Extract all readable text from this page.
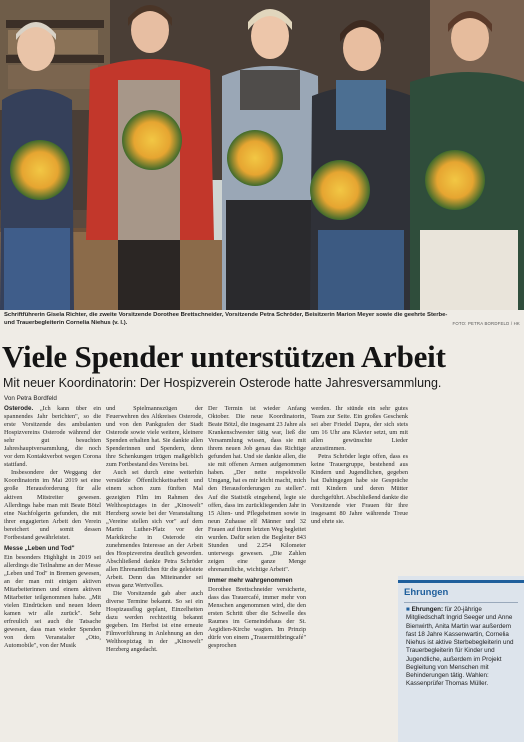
Schriftführerin Gisela Richter, die zweite Vorsitzende Dorothee Brettschneider, Vorsitzende Petra Schröder, Beisitzerin Marion Meyer sowie die geehrte Sterbe- und Trauerbegleiterin Cornelia Niehus (v. l.).	FOTO: PETRA BORDFELD / HK
Viele Spender unterstützen Arbeit
Mit neuer Koordinatorin: Der Hospizverein Osterode hatte Jahresversammlung.
Von Petra Bordfeld

Osterode. „Ich kann über ein spannendes Jahr berichten", so die erste Vorsitzende des ambulanten Hospizvereins Osterode während der sehr gut besuchten Jahreshauptversammlung, die noch vor dem Kontaktverbot wegen Corona stattfand.

Insbesondere der Weggang der Koordinatorin im Mai 2019 sei eine große Herausforderung für alle aktiven Mitstreiter gewesen. Allerdings habe man mit Beate Bötzl eine Nachfolgerin gefunden, die mit ihrer engagierten Arbeit den Verein bereichert und somit dessen Fortbestand gewährleistet.

Messe „Leben und Tod"

Ein besonders Highlight in 2019 sei allerdings die Teilnahme an der Messe „Leben und Tod" in Bremen gewesen, an der man mit einigen aktiven Mitarbeiterinnen und einem aktiven Mitarbeiter teilgenommen habe. „Mit vielen Eindrücken und neuen Ideen kamen wir alle zurück". Sehr erfreulich sei auch die Tatsache gewesen, dass man wieder Spenden von dem Veranstalter „Otto, Automobile", von der Musik

und Spielmannszügen der Feuerwehren des Altkreises Osterode, und von den Pankgrafen der Stadt Osterode sowie viele weitere, kleinere Spenden erhalten hat. Sie dankte allen Spenderinnen und Spendern, denn ihre Schenkungen trügen maßgeblich zum Fortbestand des Vereins bei.

Auch sei durch eine weiterhin verstärkte Öffentlichkeitsarbeit und einem schon zum fünften Mal gezeigten Film im Rahmen des Welthospiztages in der „Kinowelt" Herzberg sowie bei der Veranstaltung „Vereine stellen sich vor" auf dem Martin Luther-Platz vor der Marktkirche in Osterode ein zunehmendes Interesse an der Arbeit des Hospizvereins deutlich geworden. Abschließend dankte Petra Schröder allen Ehrenamtlichen für die geleistete Arbeit. Denn das Miteinander sei etwas ganz Wertvolles.

Die Vorsitzende gab aber auch diverse Termine bekannt. So sei ein Hospizausflug geplant, Einzelheiten dazu werden rechtzeitig bekannt gegeben. Im Herbst ist eine erneute Filmvorführung in Anlehnung an den Welthospiztag in der „Kinowelt" Herzberg angedacht.

Der Termin ist wieder Anfang Oktober. Die neue Koordinatorin, Beate Bötzl, die insgesamt 23 Jahre als Krankenschwester tätig war, ließ die Versammlung wissen, dass sie mit ihrem neuen Job genau das Richtige gefunden hat. Und sie dankte allen, die sie mit offenen Armen aufgenommen haben. „Der nette respektvolle Umgang, hat es mir leicht macht, mich den Herausforderungen zu stellen". Auf die Statistik eingehend, legte sie offen, dass im zurückliegenden Jahr in 15 Alten- und Pflegeheimen sowie in neun Zuhause elf Männer und 32 Frauen auf ihrem letzten Weg begleitet wurden. Dafür seien die Begleiter 843 Stunden und 2.254 Kilometer unterwegs gewesen. „Die Zahlen zeigen eine ganze Menge ehrenamtliche, wichtige Arbeit".

Immer mehr wahrgenommen

Dorothee Brettschneider versicherte, dass das Trauercafé, immer mehr von Menschen angenommen wird, die den ersten Schritt über die Schwelle des Raumes im Gemeindehaus der St. Aegidien-Kirche wagten. Im Prinzip dürfe von einem „Trauermittbringcafé" gesprochen

werden. Ihr stünde ein sehr gutes Team zur Seite. Ein großes Geschenk sei aber Friedel Dapra, der sich stets um 16 Uhr ans Klavier setzt, um mit allen gewünschte Lieder anzustimmen.

Petra Schröder legte offen, dass es keine Trauergruppe, bestehend aus Kindern und Jugendlichen, gegeben hat Dahingegen habe sie Gespräche mit Kindern und deren Mütter durchgeführt. Abschließend dankte die Vorsitzende vier Frauen für ihre insgesamt 80 Jahre währende Treue und ehrte sie.

Ehrungen

■ Ehrungen: für 20-jährige Mitgliedschaft Ingrid Seeger und Anne Bienwirth, Anita Martin war außerdem fast 18 Jahre Kassenwartin, Cornelia Niehus ist aktive Sterbebegleiterin und Trauerbegleiterin für Kinder und Jugendliche, außerdem im Projekt Begleitung von Menschen mit Behinderungen tätig. Wahlen: Kassenprüfer Thomas Müller.
